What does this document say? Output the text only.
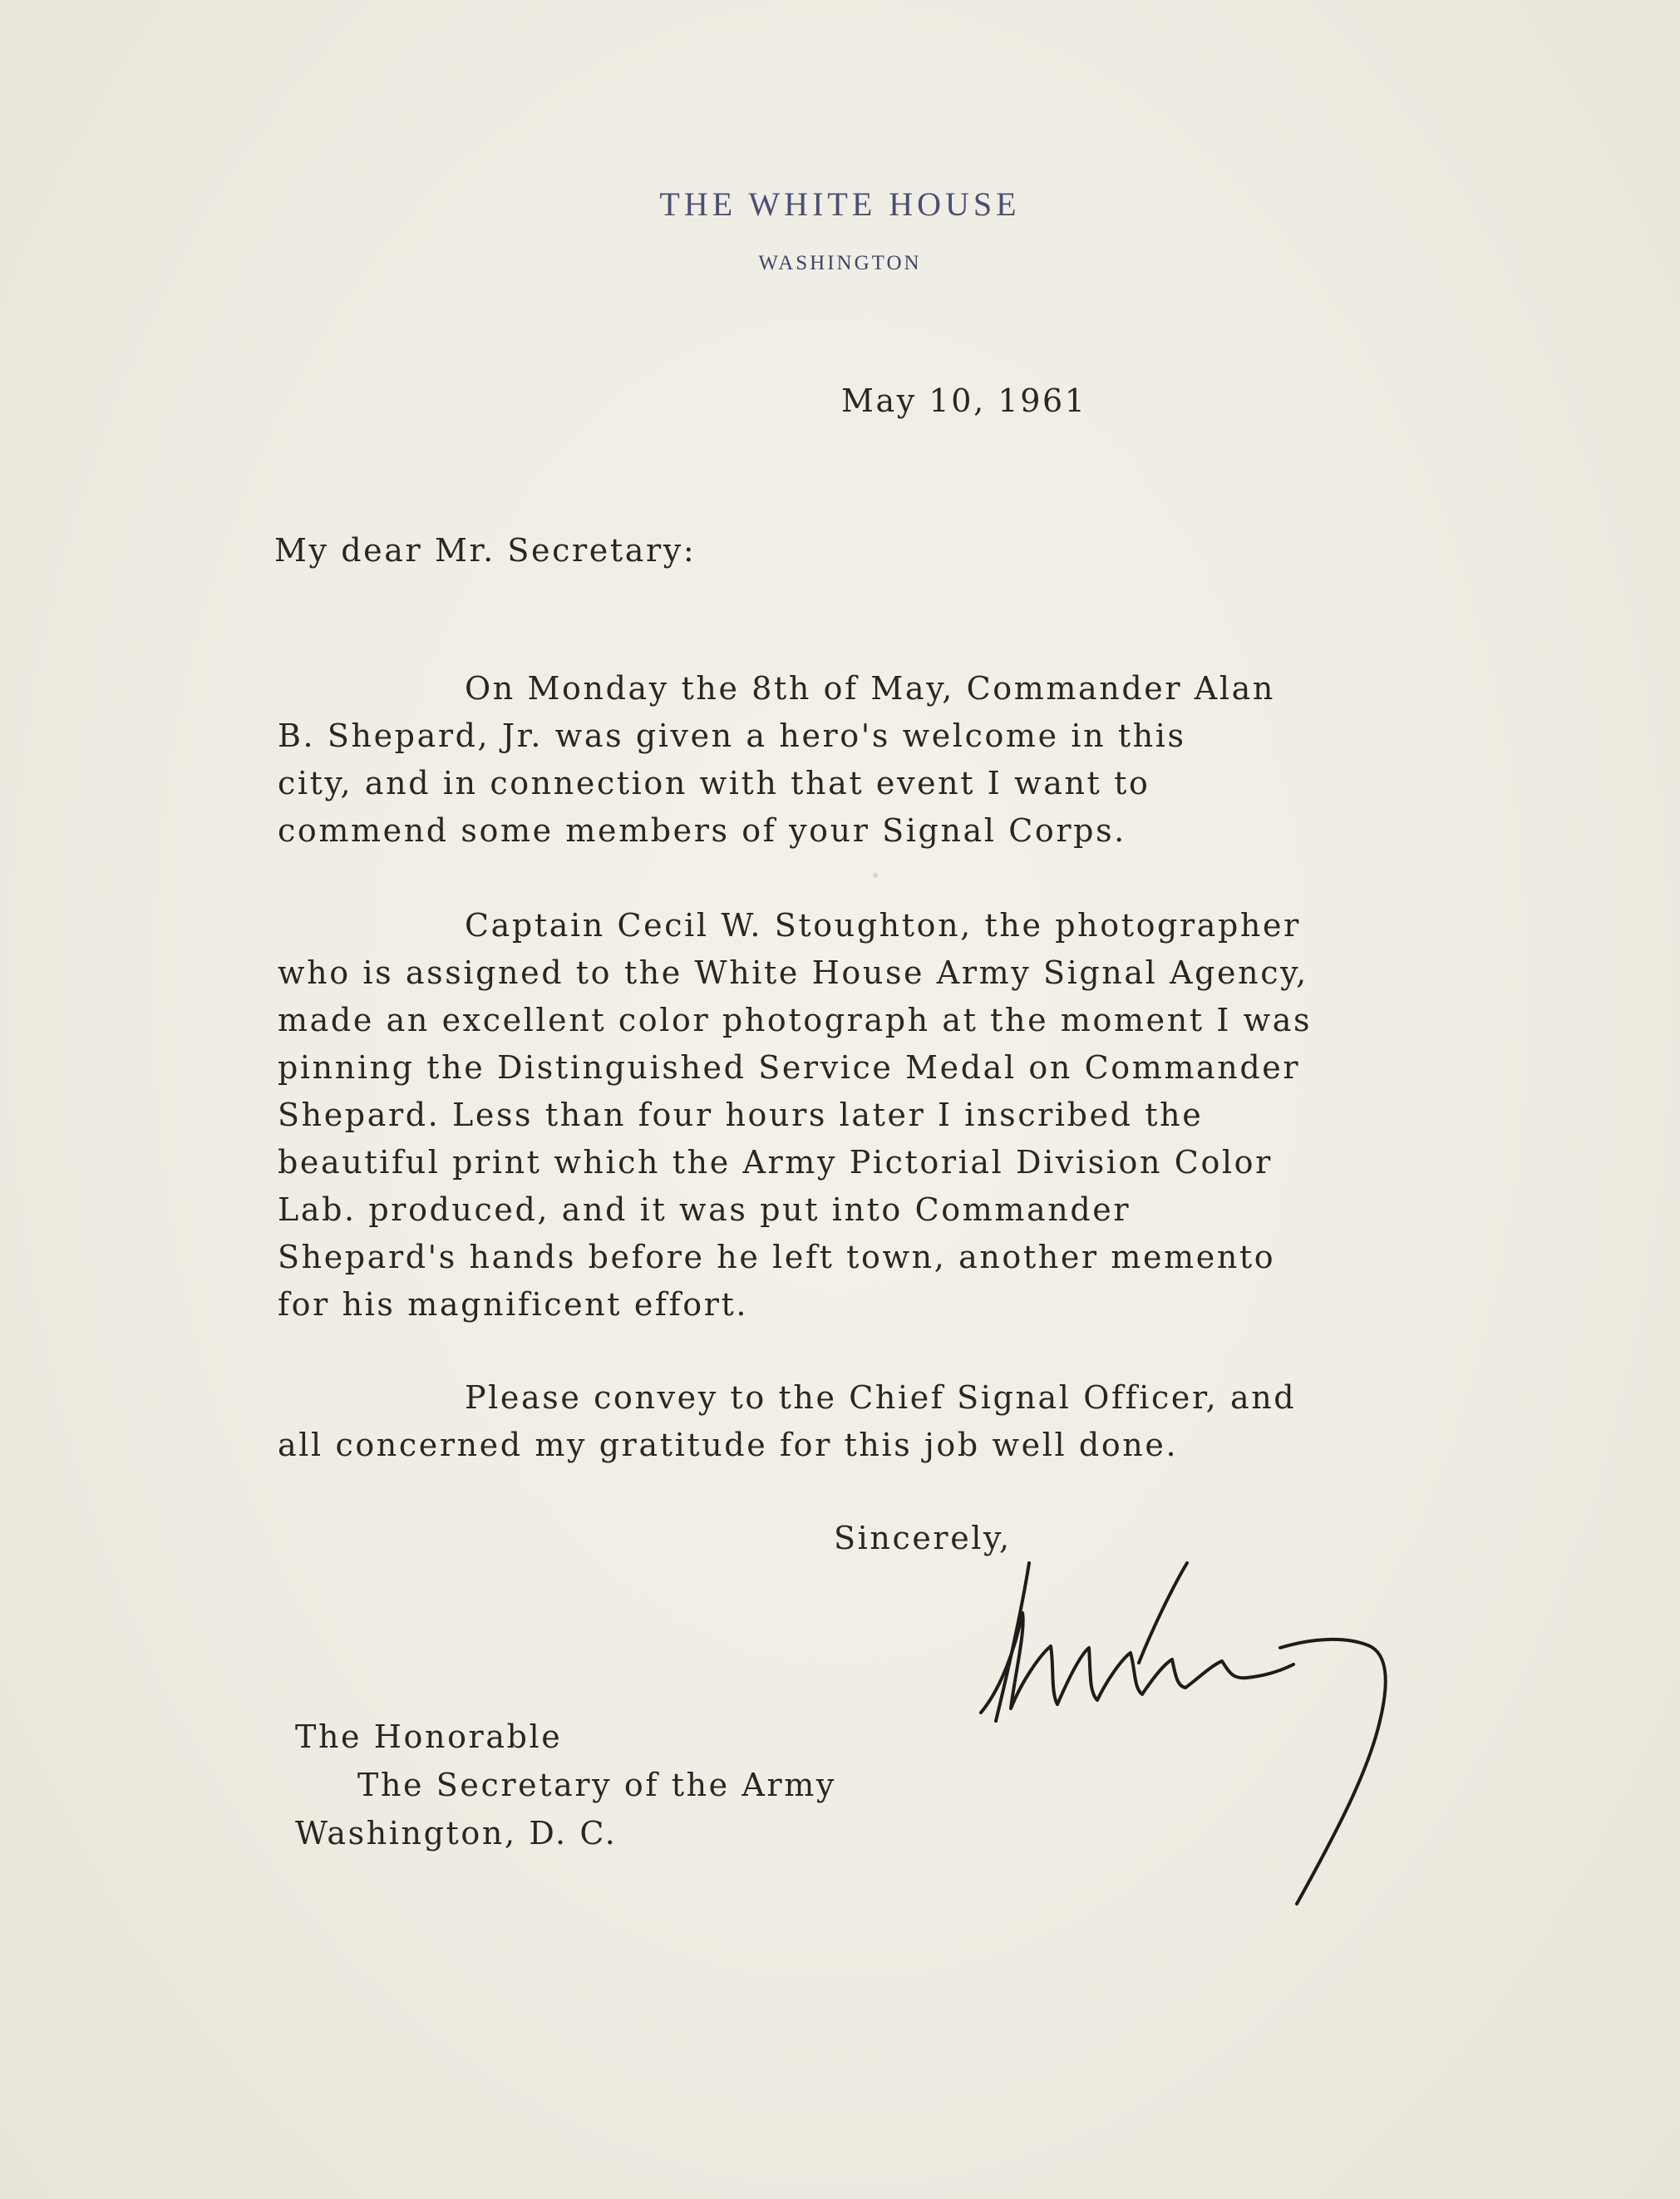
THE WHITE HOUSE
WASHINGTON
May 10, 1961
My dear Mr. Secretary:
On Monday the 8th of May, Commander Alan
B. Shepard, Jr. was given a hero's welcome in this
city, and in connection with that event I want to
commend some members of your Signal Corps.
Captain Cecil W. Stoughton, the photographer
who is assigned to the White House Army Signal Agency,
made an excellent color photograph at the moment I was
pinning the Distinguished Service Medal on Commander
Shepard. Less than four hours later I inscribed the
beautiful print which the Army Pictorial Division Color
Lab. produced, and it was put into Commander
Shepard's hands before he left town, another memento
for his magnificent effort.
Please convey to the Chief Signal Officer, and
all concerned my gratitude for this job well done.
Sincerely,
The Honorable
The Secretary of the Army
Washington, D. C.
